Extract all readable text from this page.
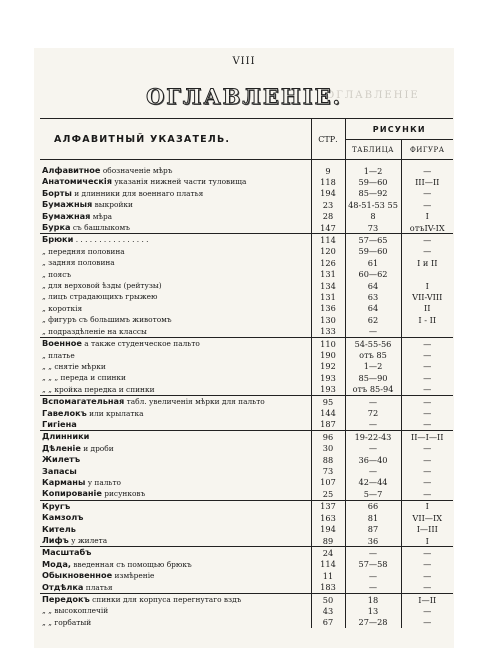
VIII
ОГЛАВЛЕНІЕ
ОГЛАВЛЕНІЕ.
АЛФАВИТНЫЙ УКАЗАТЕЛЬ.	СТР.	РИСУНКИ	
		ТАБЛИЦА	ФИГУРА

Алфавитное обозначеніе мѣръ	9	1—2	—
Анатомическія указанія нижней части туловища	118	59—60	III—II
Борты и длинники для военнаго платья	194	85—92	—
Бумажныя выкройки	23	48-51-53 55	—
Бумажная мѣра	28	8	I
Бурка съ башлыкомъ	147	73	отъIV-IX
Брюки . . . . . . . . . . . . . . . .	114	57—65	—
„ передняя половина	120	59—60	—
„ задняя половина	126	61	I и II
„ поясъ	131	60—62	
„ для верховой ѣзды (рейтузы)	134	64	I
„ лицъ страдающихъ грыжею	131	63	VII-VIII
„ короткія	136	64	II
„ фигуръ съ большимъ животомъ	130	62	I - II
„ подраздѣленіе на классы	133	—	
Военное а также студенческое пальто	110	54-55-56	—
„ платье	190	отъ 85	—
„ „ снятіе мѣрки	192	1—2	—
„ „ „ переда и спинки	193	85—90	—
„ „ кройка передка и спинки	193	отъ 85-94	—
Вспомагательная табл. увеличенія мѣрки для пальто	95	—	—
Гавелокъ или крылатка	144	72	—
Гигіена	187	—	—
Длинники	96	19-22-43	II—I—II
Дѣленіе и дроби	30	—	—
Жилетъ	88	36—40	—
Запасы	73	—	—
Карманы у пальто	107	42—44	—
Копированіе рисунковъ	25	5—7	—
Кругъ	137	66	I
Камзолъ	163	81	VII—IX
Китель	194	87	I—III
Лифъ у жилета	89	36	I
Масштабъ	24	—	—
Мода, введенная съ помощью брюкъ	114	57—58	—
Обыкновенное измѣреніе	11	—	—
Отдѣлка платья	183	—	—
Передокъ спинки для корпуса перегнутаго вздъ	50	18	I—II
„ „ высокоплечій	43	13	—
„ „ горбатый	67	27—28	—
